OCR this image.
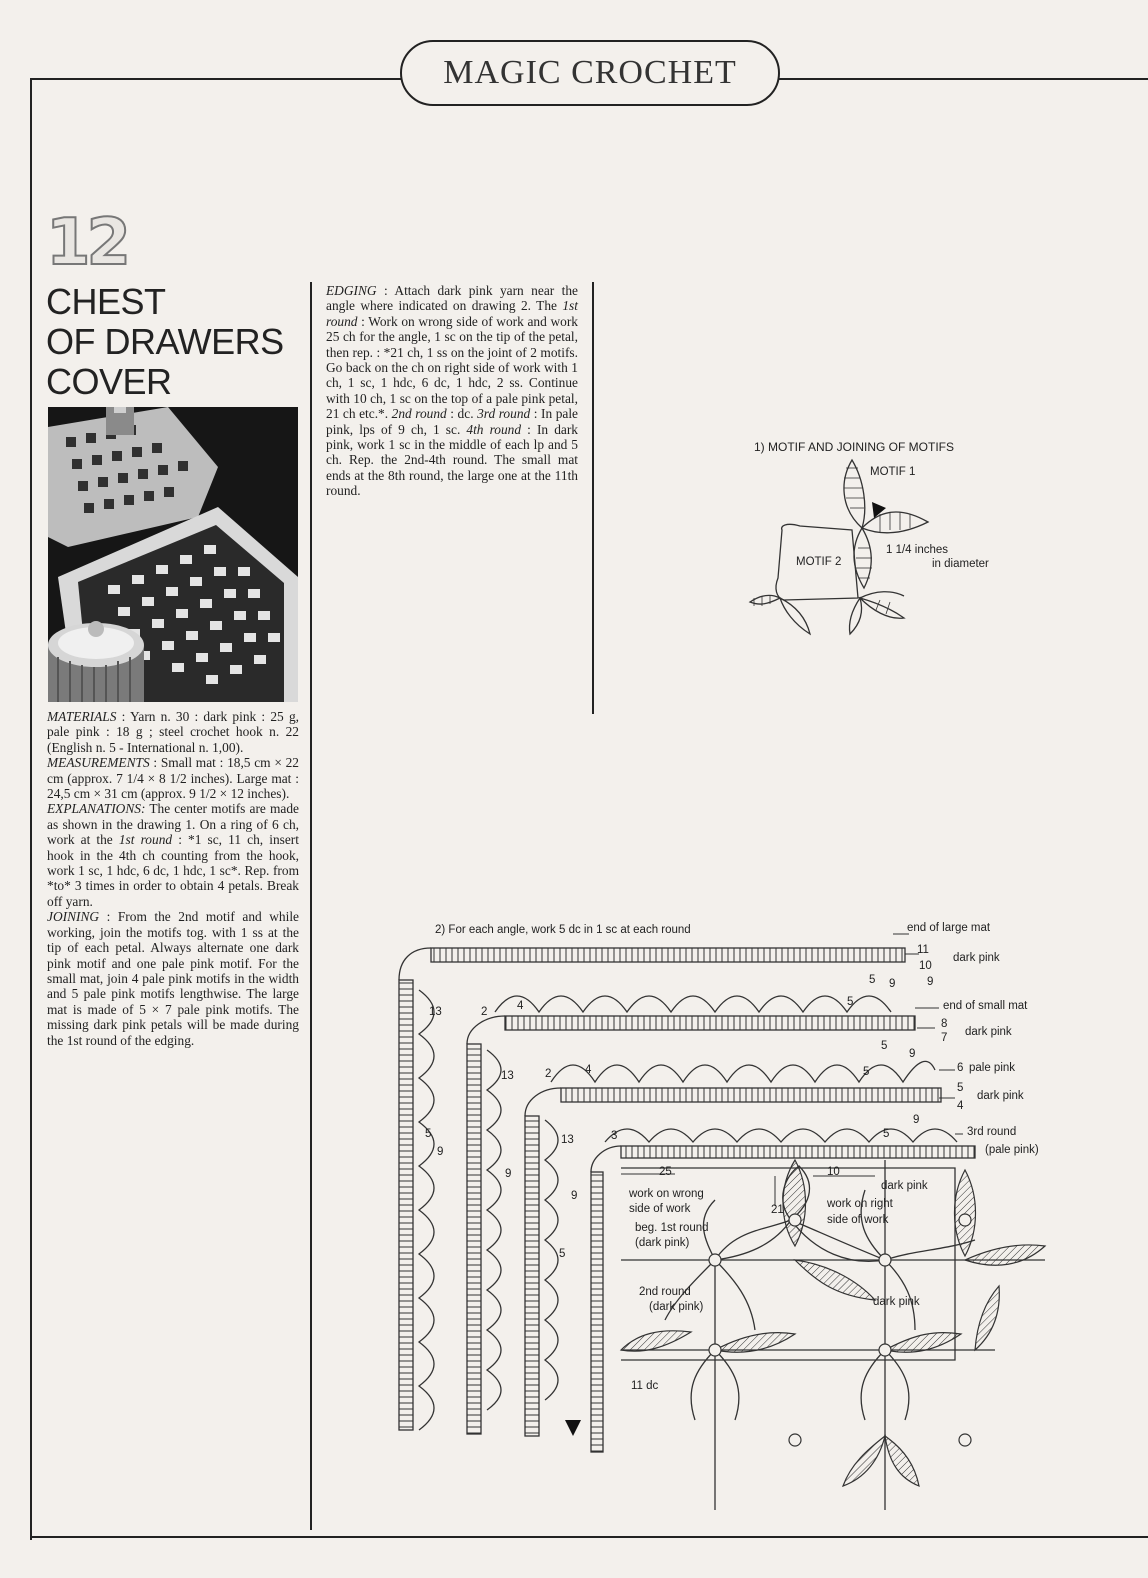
MAGIC CROCHET
12
CHEST
OF DRAWERS
COVER

MATERIALS : Yarn n. 30 : dark pink : 25 g, pale pink : 18 g ; steel crochet hook n. 22 (English n. 5 - International n. 1,00).

MEASUREMENTS : Small mat : 18,5 cm × 22 cm (approx. 7 1/4 × 8 1/2 inches). Large mat : 24,5 cm × 31 cm (approx. 9 1/2 × 12 inches).

EXPLANATIONS: The center motifs are made as shown in the drawing 1. On a ring of 6 ch, work at the 1st round : *1 sc, 11 ch, insert hook in the 4th ch counting from the hook, work 1 sc, 1 hdc, 6 dc, 1 hdc, 1 sc*. Rep. from *to* 3 times in order to obtain 4 petals. Break off yarn.

JOINING : From the 2nd motif and while working, join the motifs tog. with 1 ss at the tip of each petal. Always alternate one dark pink motif and one pale pink motif. For the small mat, join 4 pale pink motifs in the width and 5 pale pink motifs lengthwise. The large mat is made of 5 × 7 pale pink motifs. The missing dark pink petals will be made during the 1st round of the edging.

EDGING : Attach dark pink yarn near the angle where indicated on drawing 2. The 1st round : Work on wrong side of work and work 25 ch for the angle, 1 sc on the tip of the petal, then rep. : *21 ch, 1 ss on the joint of 2 motifs. Go back on the ch on right side of work with 1 ch, 1 sc, 1 hdc, 6 dc, 1 hdc, 2 ss. Continue with 10 ch, 1 sc on the top of a pale pink petal, 21 ch etc.*. 2nd round : dc. 3rd round : In pale pink, lps of 9 ch, 1 sc. 4th round : In dark pink, work 1 sc in the middle of each lp and 5 ch. Rep. the 2nd-4th round. The small mat ends at the 8th round, the large one at the 11th round.

1) MOTIF AND JOINING OF MOTIFS
MOTIF 1
MOTIF 2
1 1/4 inches
in diameter
2) For each angle, work 5 dc in 1 sc at each round	end of large mat
11
10
9
dark pink
end of small mat
8
7 dark pink
6 pale pink
5
4
dark pink
3rd round
(pale pink)
25	10
21
work on wrong
side of work
beg. 1st round
(dark pink)
work on right
side of work
dark pink
2nd round
(dark pink)	dark pink
11 dc
13
13
13
2
2
4
4
3
5
5
5
5
5
5
5
9
9
9
9
9
9
